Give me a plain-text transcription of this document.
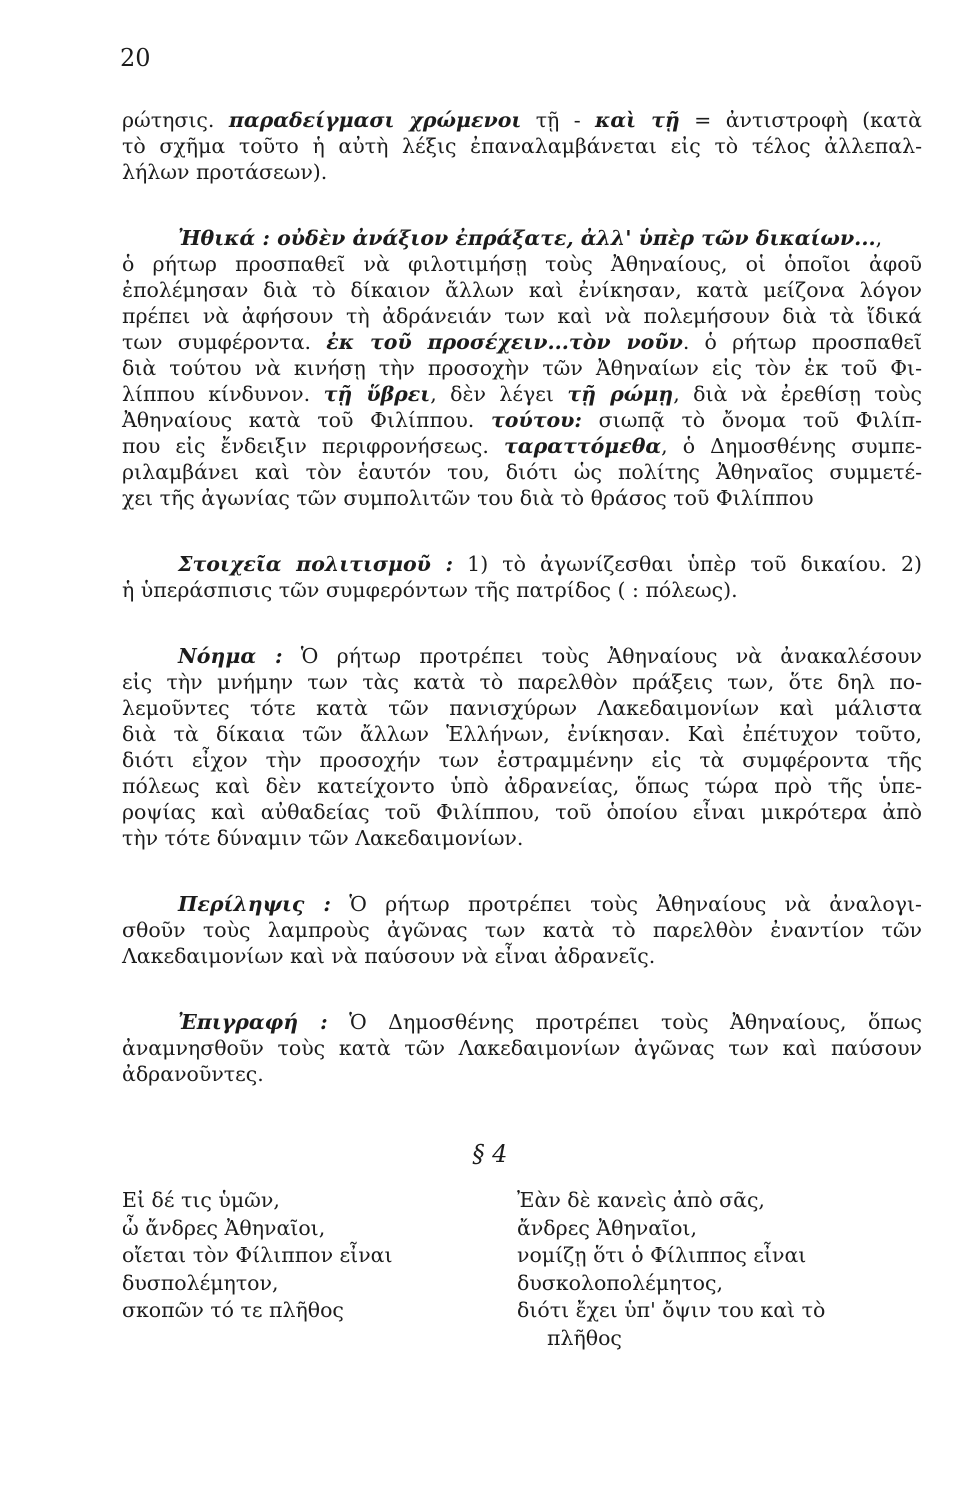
20
ρώτησις. παραδείγμασι χρώμενοι τῇ - καὶ τῇ = ἀντιστροφὴ (κατὰ
τὸ σχῆμα τοῦτο ἡ αὐτὴ λέξις ἐπαναλαμβάνεται εἰς τὸ τέλος ἀλλεπαλ-
λήλων προτάσεων).
Ἠθικά : οὐδὲν ἀνάξιον ἐπράξατε, ἀλλ' ὑπὲρ τῶν δικαίων...,
ὁ ρήτωρ προσπαθεῖ νὰ φιλοτιμήσῃ τοὺς Ἀθηναίους, οἱ ὁποῖοι ἀφοῦ
ἐπολέμησαν διὰ τὸ δίκαιον ἄλλων καὶ ἐνίκησαν, κατὰ μείζονα λόγον
πρέπει νὰ ἀφήσουν τὴ ἀδράνειάν των καὶ νὰ πολεμήσουν διὰ τὰ ἴδικά
των συμφέροντα. ἐκ τοῦ προσέχειν...τὸν νοῦν. ὁ ρήτωρ προσπαθεῖ
διὰ τούτου νὰ κινήσῃ τὴν προσοχὴν τῶν Ἀθηναίων εἰς τὸν ἐκ τοῦ Φι-
λίππου κίνδυνον. τῇ ὕβρει, δὲν λέγει τῇ ρώμῃ, διὰ νὰ ἐρεθίσῃ τοὺς
Ἀθηναίους κατὰ τοῦ Φιλίππου. τούτου: σιωπᾷ τὸ ὄνομα τοῦ Φιλίπ-
που εἰς ἔνδειξιν περιφρονήσεως. ταραττόμεθα, ὁ Δημοσθένης συμπε-
ριλαμβάνει καὶ τὸν ἑαυτόν του, διότι ὡς πολίτης Ἀθηναῖος συμμετέ-
χει τῆς ἀγωνίας τῶν συμπολιτῶν του διὰ τὸ θράσος τοῦ Φιλίππου
Στοιχεῖα πολιτισμοῦ : 1) τὸ ἀγωνίζεσθαι ὑπὲρ τοῦ δικαίου. 2)
ἡ ὑπεράσπισις τῶν συμφερόντων τῆς πατρίδος ( : πόλεως).
Νόημα : Ὁ ρήτωρ προτρέπει τοὺς Ἀθηναίους νὰ ἀνακαλέσουν
εἰς τὴν μνήμην των τὰς κατὰ τὸ παρελθὸν πράξεις των, ὅτε δηλ πο-
λεμοῦντες τότε κατὰ τῶν πανισχύρων Λακεδαιμονίων καὶ μάλιστα
διὰ τὰ δίκαια τῶν ἄλλων Ἑλλήνων, ἐνίκησαν. Καὶ ἐπέτυχον τοῦτο,
διότι εἶχον τὴν προσοχήν των ἐστραμμένην εἰς τὰ συμφέροντα τῆς
πόλεως καὶ δὲν κατείχοντο ὑπὸ ἀδρανείας, ὅπως τώρα πρὸ τῆς ὑπε-
ροψίας καὶ αὐθαδείας τοῦ Φιλίππου, τοῦ ὁποίου εἶναι μικρότερα ἀπὸ
τὴν τότε δύναμιν τῶν Λακεδαιμονίων.
Περίληψις : Ὁ ρήτωρ προτρέπει τοὺς Ἀθηναίους νὰ ἀναλογι-
σθοῦν τοὺς λαμπροὺς ἀγῶνας των κατὰ τὸ παρελθὸν ἐναντίον τῶν
Λακεδαιμονίων καὶ νὰ παύσουν νὰ εἶναι ἀδρανεῖς.
Ἐπιγραφή : Ὁ Δημοσθένης προτρέπει τοὺς Ἀθηναίους, ὅπως
ἀναμνησθοῦν τοὺς κατὰ τῶν Λακεδαιμονίων ἀγῶνας των καὶ παύσουν
ἀδρανοῦντες.
§ 4
Εἰ δέ τις ὑμῶν,
ὦ ἄνδρες Ἀθηναῖοι,
οἴεται τὸν Φίλιππον εἶναι
δυσπολέμητον,
σκοπῶν τό τε πλῆθος
Ἐὰν δὲ κανεὶς ἀπὸ σᾶς,
ἄνδρες Ἀθηναῖοι,
νομίζῃ ὅτι ὁ Φίλιππος εἶναι
δυσκολοπολέμητος,
διότι ἔχει ὑπ' ὄψιν του καὶ τὸ
πλῆθος
